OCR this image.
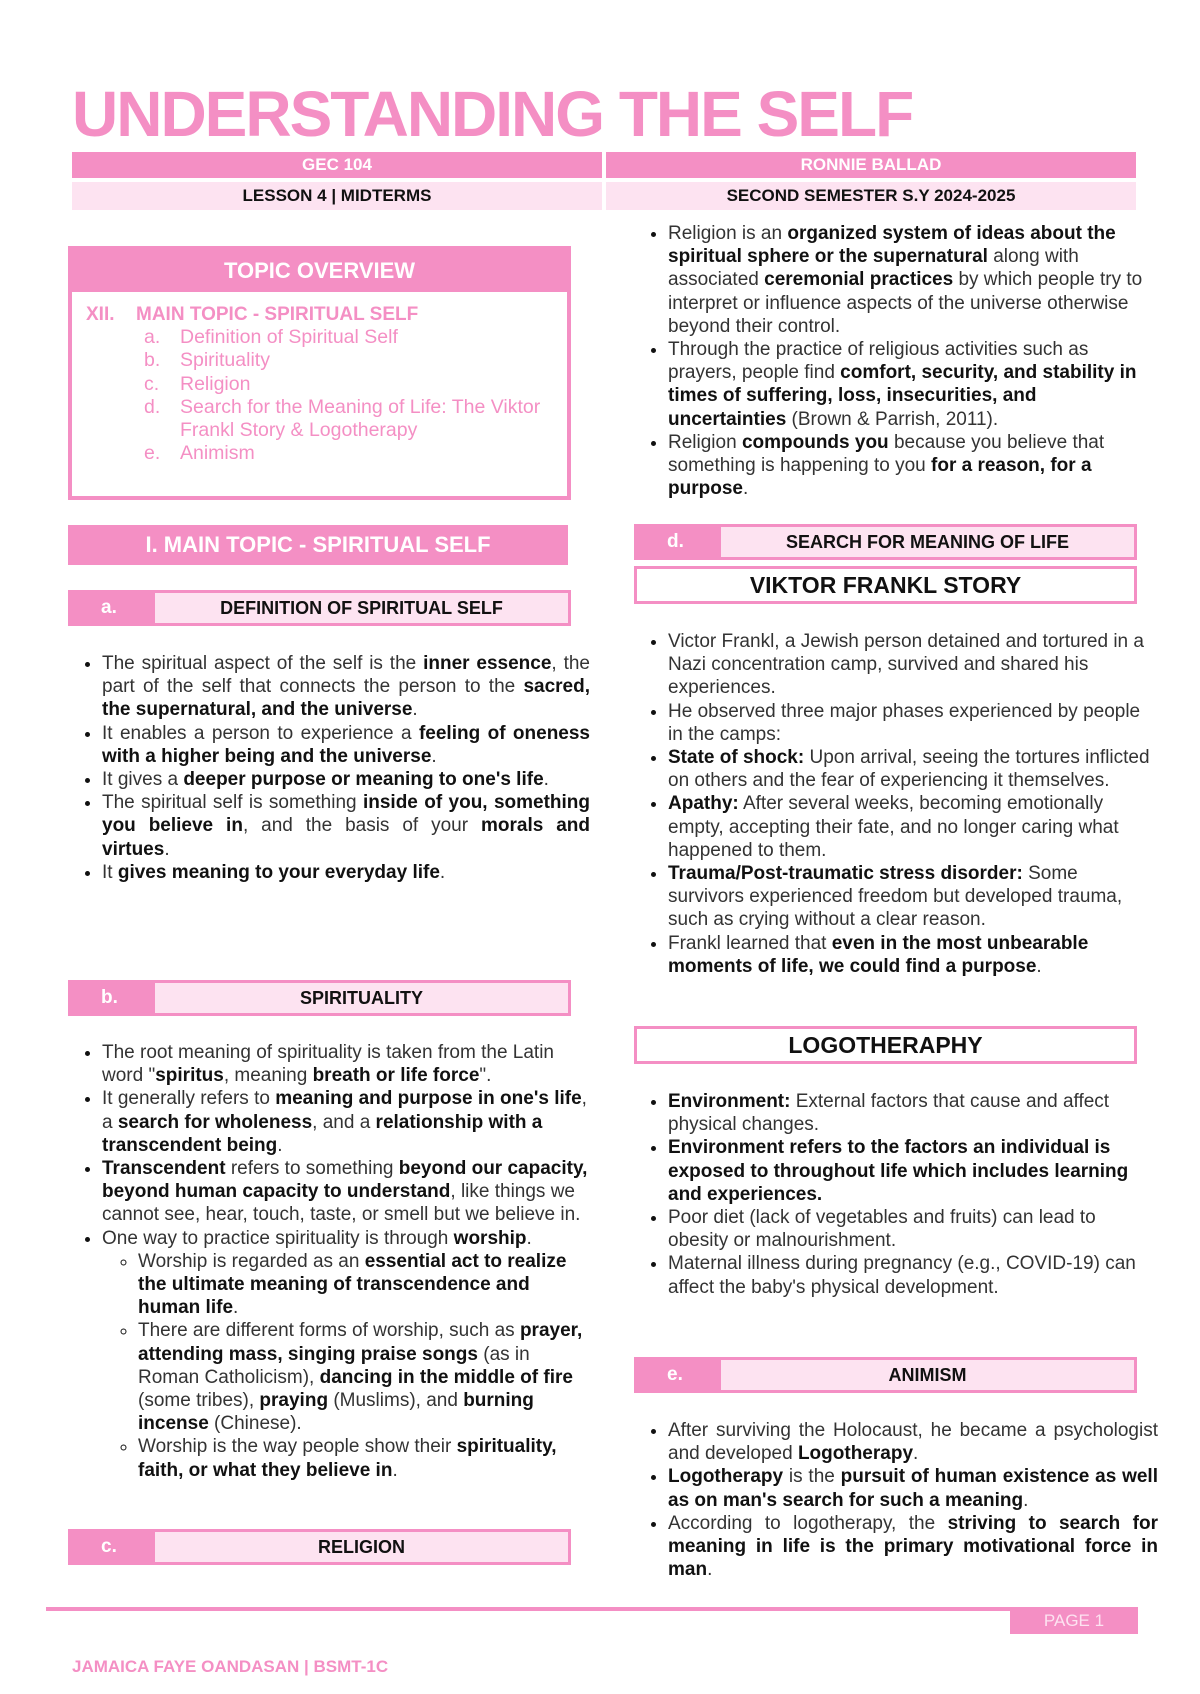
UNDERSTANDING THE SELF
GEC 104	RONNIE BALLAD
LESSON 4 | MIDTERMS	SECOND SEMESTER S.Y 2024-2025
TOPIC OVERVIEW
XII. MAIN TOPIC - SPIRITUAL SELF
a.	Definition of Spiritual Self
b.	Spirituality
c.	Religion
d.	Search for the Meaning of Life: The Viktor Frankl Story & Logotherapy
e.	Animism
I. MAIN TOPIC - SPIRITUAL SELF
a.	DEFINITION OF SPIRITUAL SELF
• The spiritual aspect of the self is the inner essence, the part of the self that connects the person to the sacred, the supernatural, and the universe.
• It enables a person to experience a feeling of oneness with a higher being and the universe.
• It gives a deeper purpose or meaning to one's life.
• The spiritual self is something inside of you, something you believe in, and the basis of your morals and virtues.
• It gives meaning to your everyday life.
b.	SPIRITUALITY
• The root meaning of spirituality is taken from the Latin word "spiritus, meaning breath or life force".
• It generally refers to meaning and purpose in one's life, a search for wholeness, and a relationship with a transcendent being.
• Transcendent refers to something beyond our capacity, beyond human capacity to understand, like things we cannot see, hear, touch, taste, or smell but we believe in.
• One way to practice spirituality is through worship.
◦ Worship is regarded as an essential act to realize the ultimate meaning of transcendence and human life.
◦ There are different forms of worship, such as prayer, attending mass, singing praise songs (as in Roman Catholicism), dancing in the middle of fire (some tribes), praying (Muslims), and burning incense (Chinese).
◦ Worship is the way people show their spirituality, faith, or what they believe in.
c.	RELIGION
• Religion is an organized system of ideas about the spiritual sphere or the supernatural along with associated ceremonial practices by which people try to interpret or influence aspects of the universe otherwise beyond their control.
• Through the practice of religious activities such as prayers, people find comfort, security, and stability in times of suffering, loss, insecurities, and uncertainties (Brown & Parrish, 2011).
• Religion compounds you because you believe that something is happening to you for a reason, for a purpose.
d.	SEARCH FOR MEANING OF LIFE
VIKTOR FRANKL STORY
• Victor Frankl, a Jewish person detained and tortured in a Nazi concentration camp, survived and shared his experiences.
• He observed three major phases experienced by people in the camps:
• State of shock: Upon arrival, seeing the tortures inflicted on others and the fear of experiencing it themselves.
• Apathy: After several weeks, becoming emotionally empty, accepting their fate, and no longer caring what happened to them.
• Trauma/Post-traumatic stress disorder: Some survivors experienced freedom but developed trauma, such as crying without a clear reason.
• Frankl learned that even in the most unbearable moments of life, we could find a purpose.
LOGOTHERAPHY
• Environment: External factors that cause and affect physical changes.
• Environment refers to the factors an individual is exposed to throughout life which includes learning and experiences.
• Poor diet (lack of vegetables and fruits) can lead to obesity or malnourishment.
• Maternal illness during pregnancy (e.g., COVID-19) can affect the baby's physical development.
e.	ANIMISM
• After surviving the Holocaust, he became a psychologist and developed Logotherapy.
• Logotherapy is the pursuit of human existence as well as on man's search for such a meaning.
• According to logotherapy, the striving to search for meaning in life is the primary motivational force in man.
PAGE 1
JAMAICA FAYE OANDASAN | BSMT-1C
